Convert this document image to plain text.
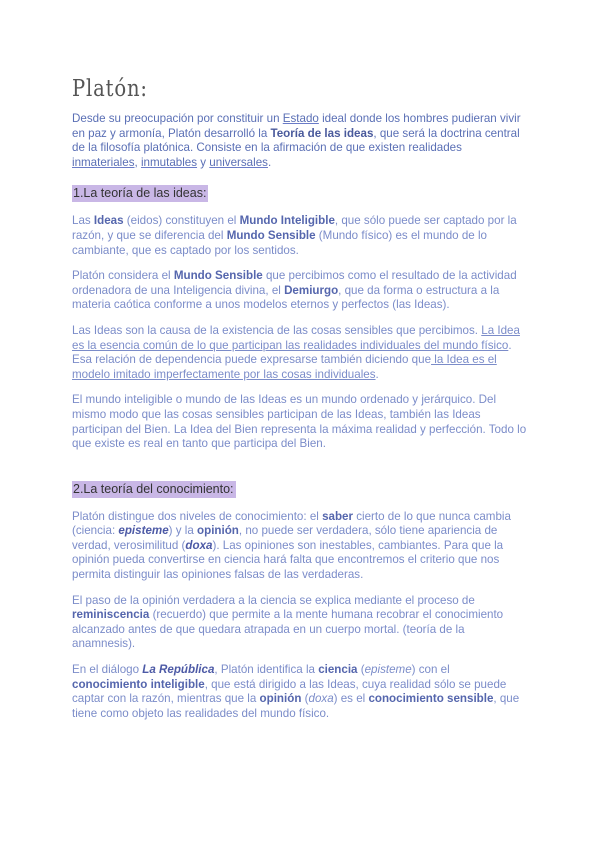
Platón:

Desde su preocupación por constituir un Estado ideal donde los hombres pudieran vivir en paz y armonía, Platón desarrolló la Teoría de las ideas, que será la doctrina central de la filosofía platónica. Consiste en la afirmación de que existen realidades inmateriales, inmutables y universales.

1.La teoría de las ideas:

Las Ideas (eidos) constituyen el Mundo Inteligible, que sólo puede ser captado por la razón, y que se diferencia del Mundo Sensible (Mundo físico) es el mundo de lo cambiante, que es captado por los sentidos.

Platón considera el Mundo Sensible que percibimos como el resultado de la actividad ordenadora de una Inteligencia divina, el Demiurgo, que da forma o estructura a la materia caótica conforme a unos modelos eternos y perfectos (las Ideas).

Las Ideas son la causa de la existencia de las cosas sensibles que percibimos. La Idea es la esencia común de lo que participan las realidades individuales del mundo físico. Esa relación de dependencia puede expresarse también diciendo que la Idea es el modelo imitado imperfectamente por las cosas individuales.

El mundo inteligible o mundo de las Ideas es un mundo ordenado y jerárquico. Del mismo modo que las cosas sensibles participan de las Ideas, también las Ideas participan del Bien. La Idea del Bien representa la máxima realidad y perfección. Todo lo que existe es real en tanto que participa del Bien.

2.La teoría del conocimiento:

Platón distingue dos niveles de conocimiento: el saber cierto de lo que nunca cambia (ciencia: episteme) y la opinión, no puede ser verdadera, sólo tiene apariencia de verdad, verosimilitud (doxa). Las opiniones son inestables, cambiantes. Para que la opinión pueda convertirse en ciencia hará falta que encontremos el criterio que nos permita distinguir las opiniones falsas de las verdaderas.

El paso de la opinión verdadera a la ciencia se explica mediante el proceso de reminiscencia (recuerdo) que permite a la mente humana recobrar el conocimiento alcanzado antes de que quedara atrapada en un cuerpo mortal. (teoría de la anamnesis).

En el diálogo La República, Platón identifica la ciencia (episteme) con el conocimiento inteligible, que está dirigido a las Ideas, cuya realidad sólo se puede captar con la razón, mientras que la opinión (doxa) es el conocimiento sensible, que tiene como objeto las realidades del mundo físico.
